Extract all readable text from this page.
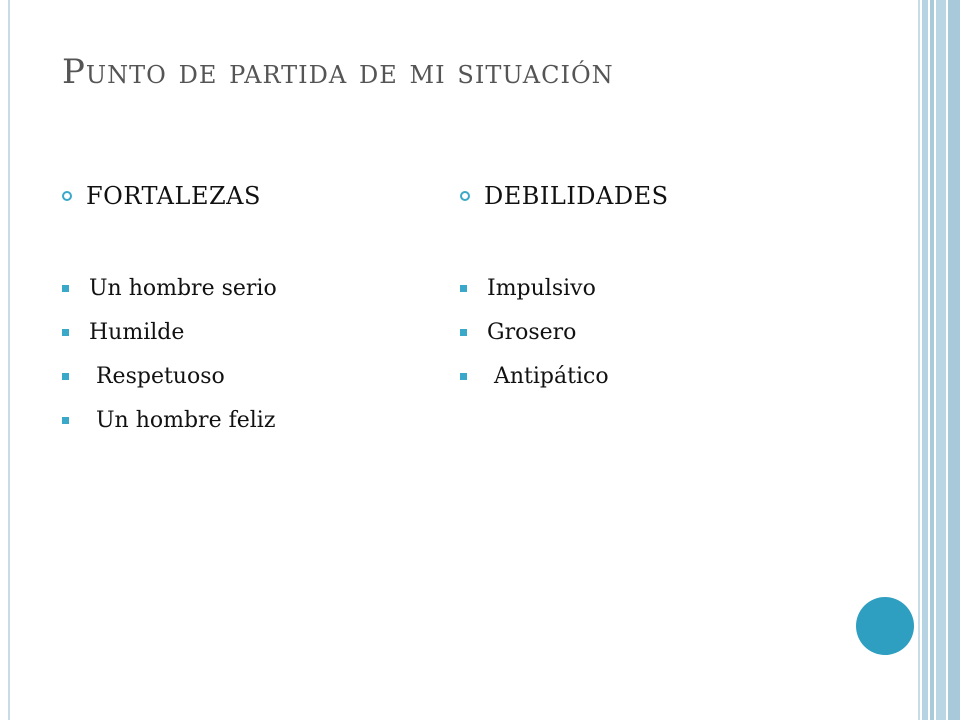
Punto de partida de mi situación
FORTALEZAS
Un hombre serio
Humilde
Respetuoso
Un hombre feliz
DEBILIDADES
Impulsivo
Grosero
Antipático
